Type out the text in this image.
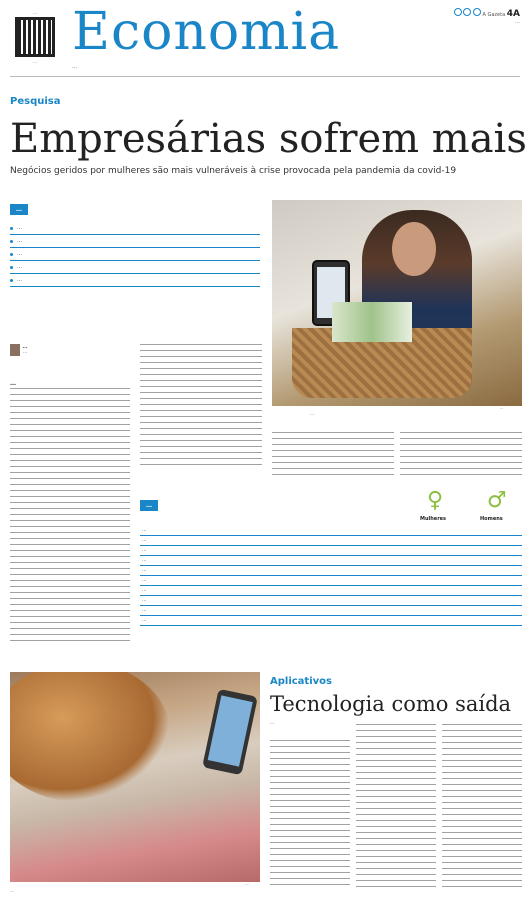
…
… Economia	A Gazeta 4A
…
…
Pesquisa
Empresárias sofrem mais
Negócios geridos por mulheres são mais vulneráveis à crise provocada pela pandemia da covid-19
…
…
…
…
…
…
…
…
…
…
…
…	♀ ♂
Mulheres	Homens
…
…
…
…
…
…
…
…
…
…
…
…
Aplicativos
Tecnologia como saída
…
